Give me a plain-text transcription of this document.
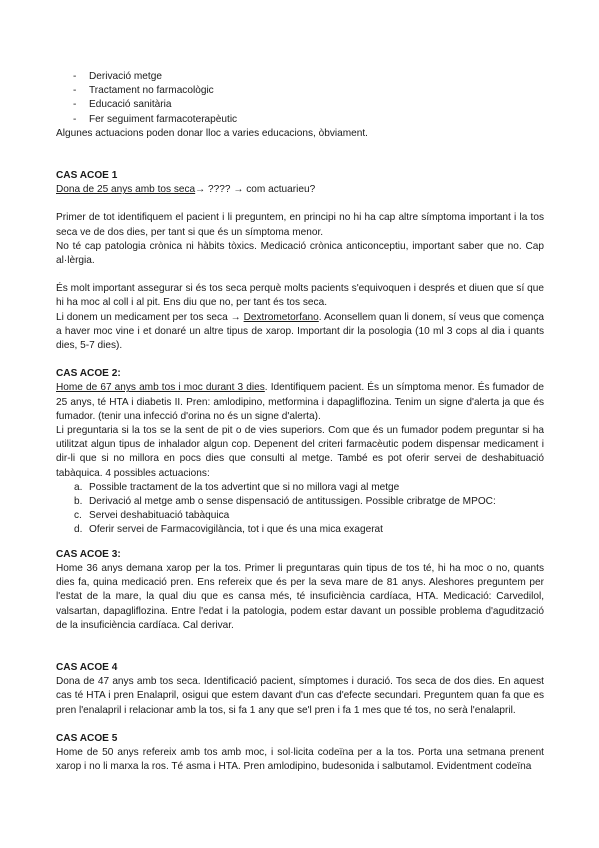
- Derivació metge
- Tractament no farmacològic
- Educació sanitària
- Fer seguiment farmacoterapèutic

Algunes actuacions poden donar lloc a varies educacions, òbviament.

CAS ACOE 1

Dona de 25 anys amb tos seca→ ???? → com actuarieu?

Primer de tot identifiquem el pacient i li preguntem, en principi no hi ha cap altre símptoma important i la tos seca ve de dos dies, per tant si que és un símptoma menor.

No té cap patologia crònica ni hàbits tòxics. Medicació crònica anticonceptiu, important saber que no. Cap al·lèrgia.

És molt important assegurar si és tos seca perquè molts pacients s'equivoquen i després et diuen que sí que hi ha moc al coll i al pit. Ens diu que no, per tant és tos seca.

Li donem un medicament per tos seca → Dextrometorfano. Aconsellem quan li donem, sí veus que comença a haver moc vine i et donaré un altre tipus de xarop. Important dir la posologia (10 ml 3 cops al dia i quants dies, 5-7 dies).

CAS ACOE 2:

Home de 67 anys amb tos i moc durant 3 dies. Identifiquem pacient. És un símptoma menor. És fumador de 25 anys, té HTA i diabetis II. Pren: amlodipino, metformina i dapagliflozina. Tenim un signe d'alerta ja que és fumador. (tenir una infecció d'orina no és un signe d'alerta).

Li preguntaria si la tos se la sent de pit o de vies superiors. Com que és un fumador podem preguntar si ha utilitzat algun tipus de inhalador algun cop. Depenent del criteri farmacèutic podem dispensar medicament i dir-li que si no millora en pocs dies que consulti al metge. També es pot oferir servei de deshabituació tabàquica. 4 possibles actuacions:

a. Possible tractament de la tos advertint que si no millora vagi al metge
b. Derivació al metge amb o sense dispensació de antitussigen. Possible cribratge de MPOC:
c. Servei deshabituació tabàquica
d. Oferir servei de Farmacovigilància, tot i que és una mica exagerat
CAS ACOE 3:

Home 36 anys demana xarop per la tos. Primer li preguntaras quin tipus de tos té, hi ha moc o no, quants dies fa, quina medicació pren. Ens refereix que és per la seva mare de 81 anys. Aleshores preguntem per l'estat de la mare, la qual diu que es cansa més, té insuficiència cardíaca, HTA. Medicació: Carvedilol, valsartan, dapagliflozina. Entre l'edat i la patologia, podem estar davant un possible problema d'agudització de la insuficiència cardíaca. Cal derivar.

CAS ACOE 4

Dona de 47 anys amb tos seca. Identificació pacient, símptomes i duració. Tos seca de dos dies. En aquest cas té HTA i pren Enalapril, osigui que estem davant d'un cas d'efecte secundari. Preguntem quan fa que es pren l'enalapril i relacionar amb la tos, si fa 1 any que se'l pren i fa 1 mes que té tos, no serà l'enalapril.

CAS ACOE 5

Home de 50 anys refereix amb tos amb moc, i sol·licita codeïna per a la tos. Porta una setmana prenent xarop i no li marxa la ros. Té asma i HTA. Pren amlodipino, budesonida i salbutamol. Evidentment codeïna
